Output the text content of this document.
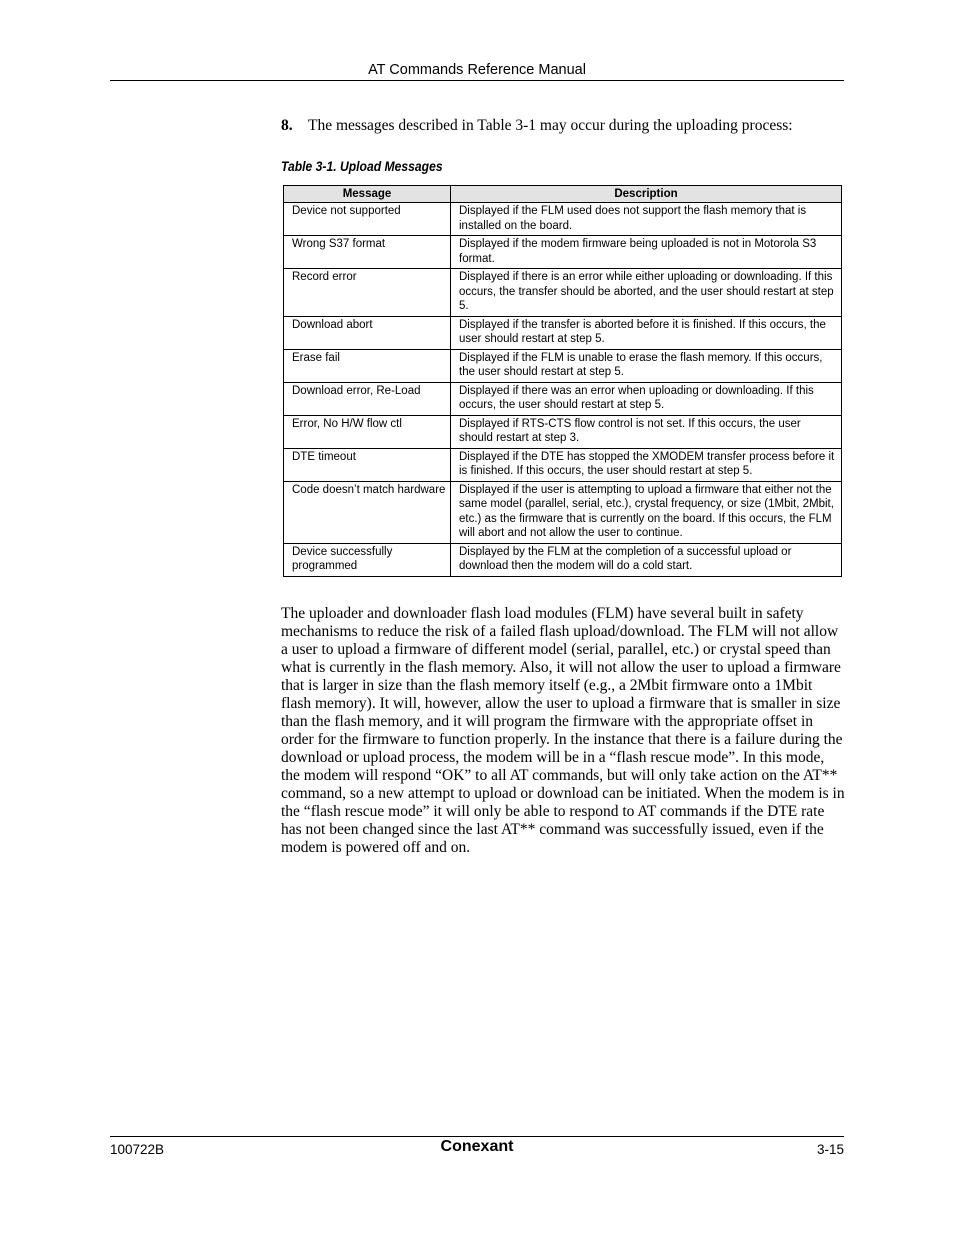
AT Commands Reference Manual
8. The messages described in Table 3-1 may occur during the uploading process:
Table 3-1. Upload Messages
Message	Description
Device not supported	Displayed if the FLM used does not support the flash memory that is installed on the board.
Wrong S37 format	Displayed if the modem firmware being uploaded is not in Motorola S3 format.
Record error	Displayed if there is an error while either uploading or downloading. If this occurs, the transfer should be aborted, and the user should restart at step 5.
Download abort	Displayed if the transfer is aborted before it is finished. If this occurs, the user should restart at step 5.
Erase fail	Displayed if the FLM is unable to erase the flash memory. If this occurs, the user should restart at step 5.
Download error, Re-Load	Displayed if there was an error when uploading or downloading. If this occurs, the user should restart at step 5.
Error, No H/W flow ctl	Displayed if RTS-CTS flow control is not set. If this occurs, the user should restart at step 3.
DTE timeout	Displayed if the DTE has stopped the XMODEM transfer process before it is finished. If this occurs, the user should restart at step 5.
Code doesn’t match hardware	Displayed if the user is attempting to upload a firmware that either not the same model (parallel, serial, etc.), crystal frequency, or size (1Mbit, 2Mbit, etc.) as the firmware that is currently on the board. If this occurs, the FLM will abort and not allow the user to continue.
Device successfully programmed	Displayed by the FLM at the completion of a successful upload or download then the modem will do a cold start.
The uploader and downloader flash load modules (FLM) have several built in safety mechanisms to reduce the risk of a failed flash upload/download. The FLM will not allow a user to upload a firmware of different model (serial, parallel, etc.) or crystal speed than what is currently in the flash memory. Also, it will not allow the user to upload a firmware that is larger in size than the flash memory itself (e.g., a 2Mbit firmware onto a 1Mbit flash memory). It will, however, allow the user to upload a firmware that is smaller in size than the flash memory, and it will program the firmware with the appropriate offset in order for the firmware to function properly. In the instance that there is a failure during the download or upload process, the modem will be in a “flash rescue mode”. In this mode, the modem will respond “OK” to all AT commands, but will only take action on the AT** command, so a new attempt to upload or download can be initiated. When the modem is in the “flash rescue mode” it will only be able to respond to AT commands if the DTE rate has not been changed since the last AT** command was successfully issued, even if the modem is powered off and on.
100722B	Conexant	3-15
